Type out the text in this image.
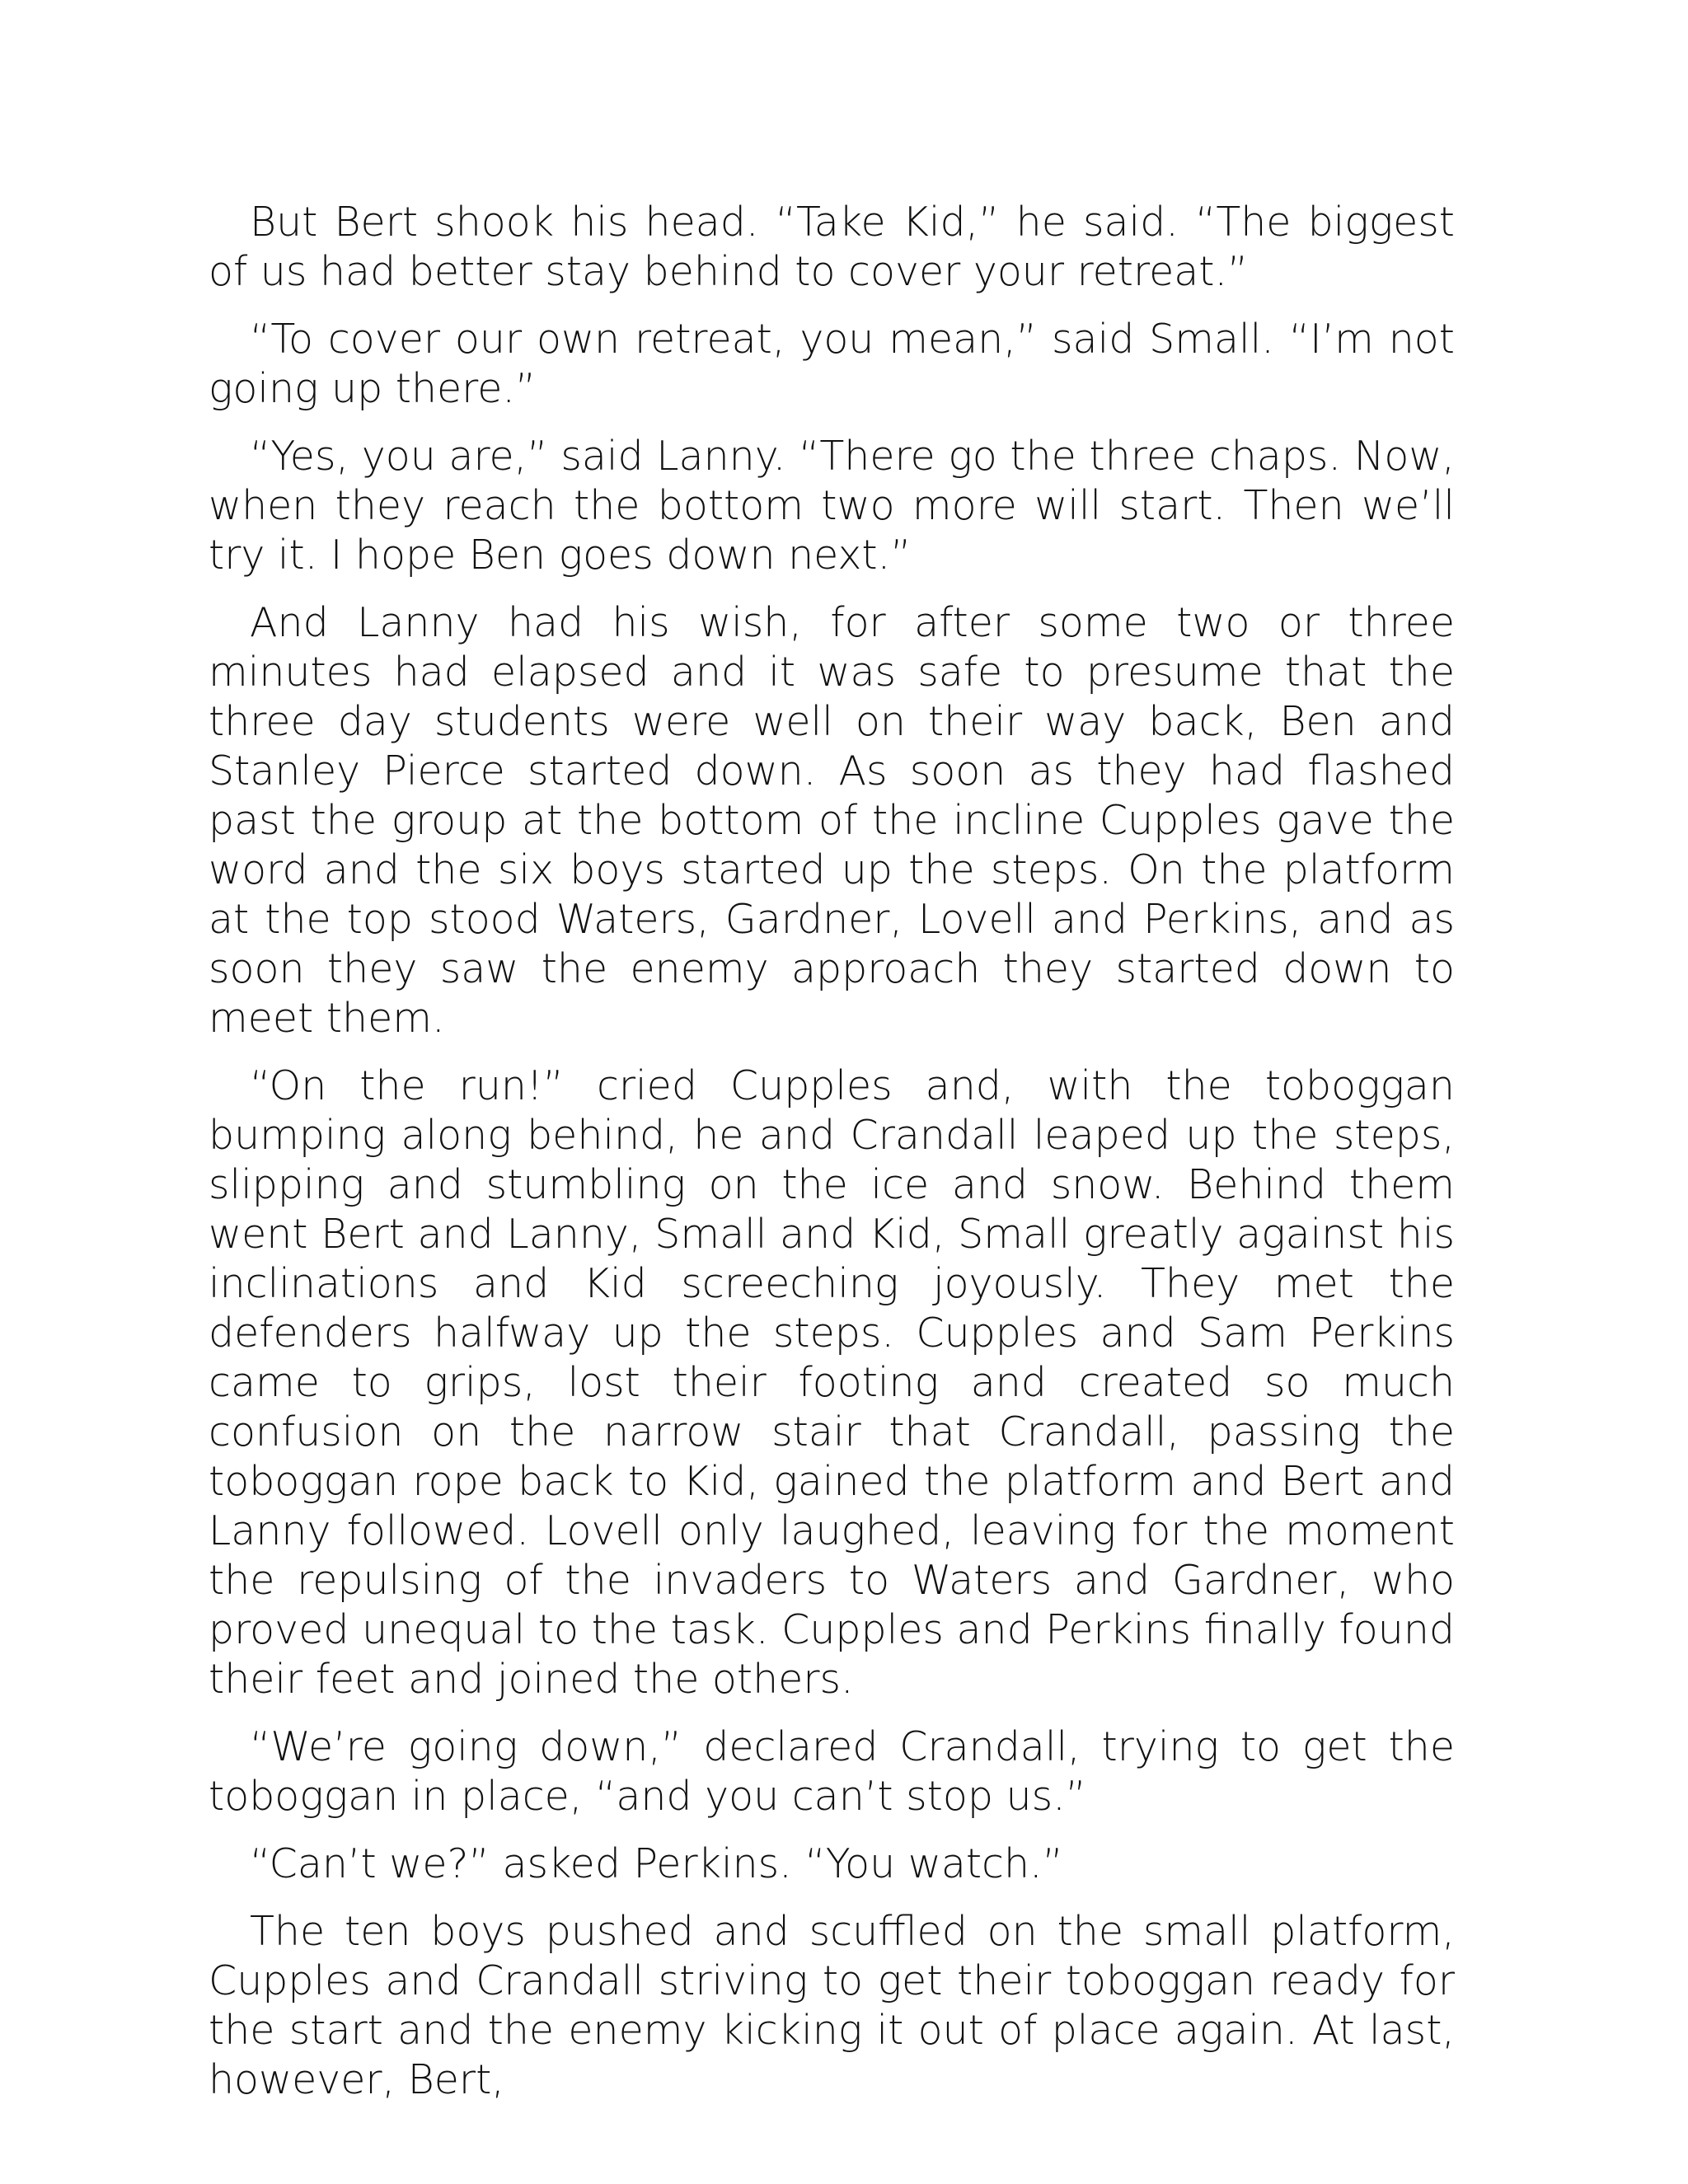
But Bert shook his head. “Take Kid,” he said. “The biggest of us had better stay behind to cover your retreat.”

“To cover our own retreat, you mean,” said Small. “I’m not going up there.”

“Yes, you are,” said Lanny. “There go the three chaps. Now, when they reach the bottom two more will start. Then we’ll try it. I hope Ben goes down next.”

And Lanny had his wish, for after some two or three minutes had elapsed and it was safe to presume that the three day students were well on their way back, Ben and Stanley Pierce started down. As soon as they had flashed past the group at the bottom of the incline Cupples gave the word and the six boys started up the steps. On the platform at the top stood Waters, Gardner, Lovell and Perkins, and as soon they saw the enemy approach they started down to meet them.

“On the run!” cried Cupples and, with the toboggan bumping along behind, he and Crandall leaped up the steps, slipping and stumbling on the ice and snow. Behind them went Bert and Lanny, Small and Kid, Small greatly against his inclinations and Kid screeching joyously. They met the defenders halfway up the steps. Cupples and Sam Perkins came to grips, lost their footing and created so much confusion on the narrow stair that Crandall, passing the toboggan rope back to Kid, gained the platform and Bert and Lanny followed. Lovell only laughed, leaving for the moment the repulsing of the invaders to Waters and Gardner, who proved unequal to the task. Cupples and Perkins finally found their feet and joined the others.

“We’re going down,” declared Crandall, trying to get the toboggan in place, “and you can’t stop us.”

“Can’t we?” asked Perkins. “You watch.”

The ten boys pushed and scuffled on the small platform, Cupples and Crandall striving to get their toboggan ready for the start and the enemy kicking it out of place again. At last, however, Bert,
